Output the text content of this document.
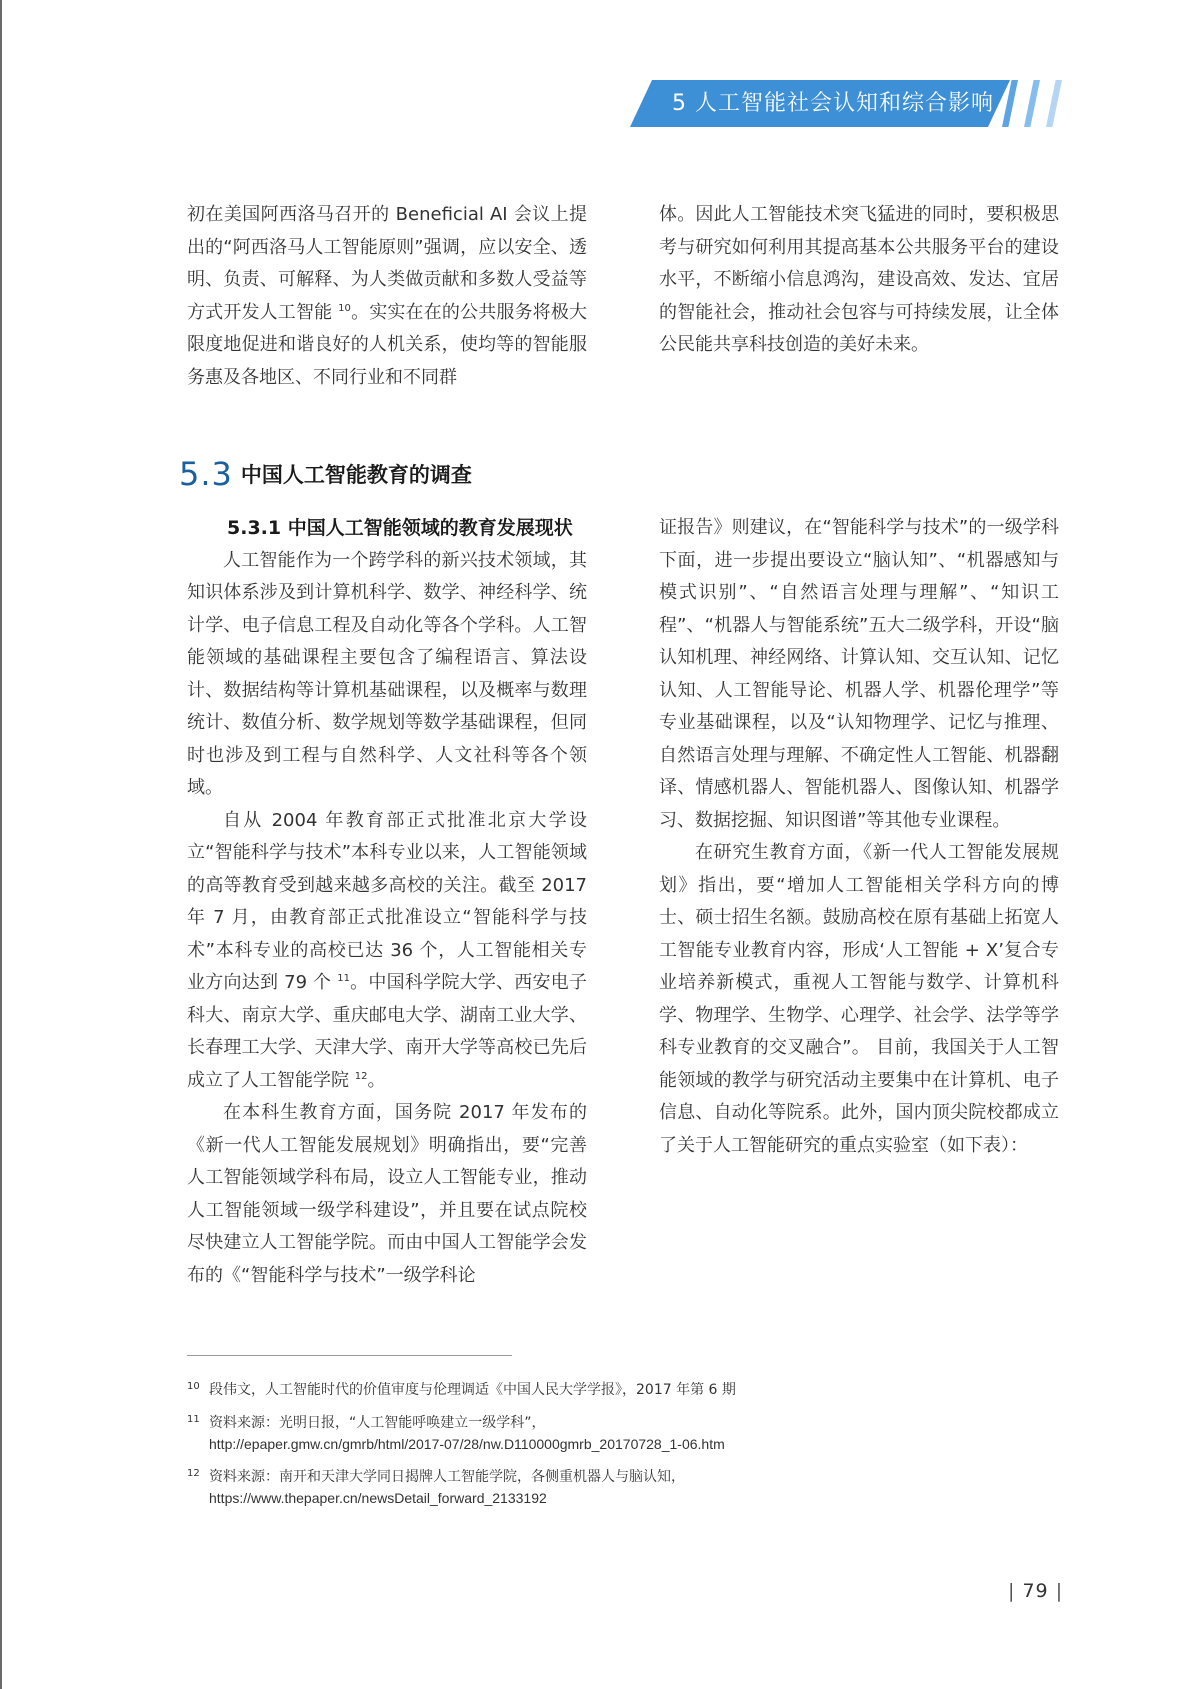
5 人工智能社会认知和综合影响

初在美国阿西洛马召开的 Beneficial AI 会议上提出的“阿西洛马人工智能原则”强调，应以安全、透明、负责、可解释、为人类做贡献和多数人受益等方式开发人工智能 $^{10}$。实实在在的公共服务将极大限度地促进和谐良好的人机关系，使均等的智能服务惠及各地区、不同行业和不同群

体。因此人工智能技术突飞猛进的同时，要积极思考与研究如何利用其提高基本公共服务平台的建设水平，不断缩小信息鸿沟，建设高效、发达、宜居的智能社会，推动社会包容与可持续发展，让全体公民能共享科技创造的美好未来。

5.3 中国人工智能教育的调查
5.3.1 中国人工智能领域的教育发展现状

人工智能作为一个跨学科的新兴技术领域，其知识体系涉及到计算机科学、数学、神经科学、统计学、电子信息工程及自动化等各个学科。人工智能领域的基础课程主要包含了编程语言、算法设计、数据结构等计算机基础课程，以及概率与数理统计、数值分析、数学规划等数学基础课程，但同时也涉及到工程与自然科学、人文社科等各个领域。

自从 2004 年教育部正式批准北京大学设立“智能科学与技术”本科专业以来，人工智能领域的高等教育受到越来越多高校的关注。截至 2017 年 7 月，由教育部正式批准设立“智能科学与技术”本科专业的高校已达 36 个，人工智能相关专业方向达到 79 个 $^{11}$。中国科学院大学、西安电子科大、南京大学、重庆邮电大学、湖南工业大学、长春理工大学、天津大学、南开大学等高校已先后成立了人工智能学院 $^{12}$。

在本科生教育方面，国务院 2017 年发布的《新一代人工智能发展规划》明确指出，要“完善人工智能领域学科布局，设立人工智能专业，推动人工智能领域一级学科建设”，并且要在试点院校尽快建立人工智能学院。而由中国人工智能学会发布的《“智能科学与技术”一级学科论

证报告》则建议，在“智能科学与技术”的一级学科下面，进一步提出要设立“脑认知”、“机器感知与模式识别”、“自然语言处理与理解”、“知识工程”、“机器人与智能系统”五大二级学科，开设“脑认知机理、神经网络、计算认知、交互认知、记忆认知、人工智能导论、机器人学、机器伦理学”等专业基础课程，以及“认知物理学、记忆与推理、自然语言处理与理解、不确定性人工智能、机器翻译、情感机器人、智能机器人、图像认知、机器学习、数据挖掘、知识图谱”等其他专业课程。

在研究生教育方面，《新一代人工智能发展规划》指出，要“增加人工智能相关学科方向的博士、硕士招生名额。鼓励高校在原有基础上拓宽人工智能专业教育内容，形成‘人工智能 + X’复合专业培养新模式，重视人工智能与数学、计算机科学、物理学、生物学、心理学、社会学、法学等学科专业教育的交叉融合”。 目前，我国关于人工智能领域的教学与研究活动主要集中在计算机、电子信息、自动化等院系。此外，国内顶尖院校都成立了关于人工智能研究的重点实验室（如下表）：

10 段伟文，人工智能时代的价值审度与伦理调适《中国人民大学学报》，2017 年第 6 期
11 资料来源：光明日报，“人工智能呼唤建立一级学科”，
http://epaper.gmw.cn/gmrb/html/2017-07/28/nw.D110000gmrb_20170728_1-06.htm
12 资料来源：南开和天津大学同日揭牌人工智能学院，各侧重机器人与脑认知，
https://www.thepaper.cn/newsDetail_forward_2133192
| 79 |
